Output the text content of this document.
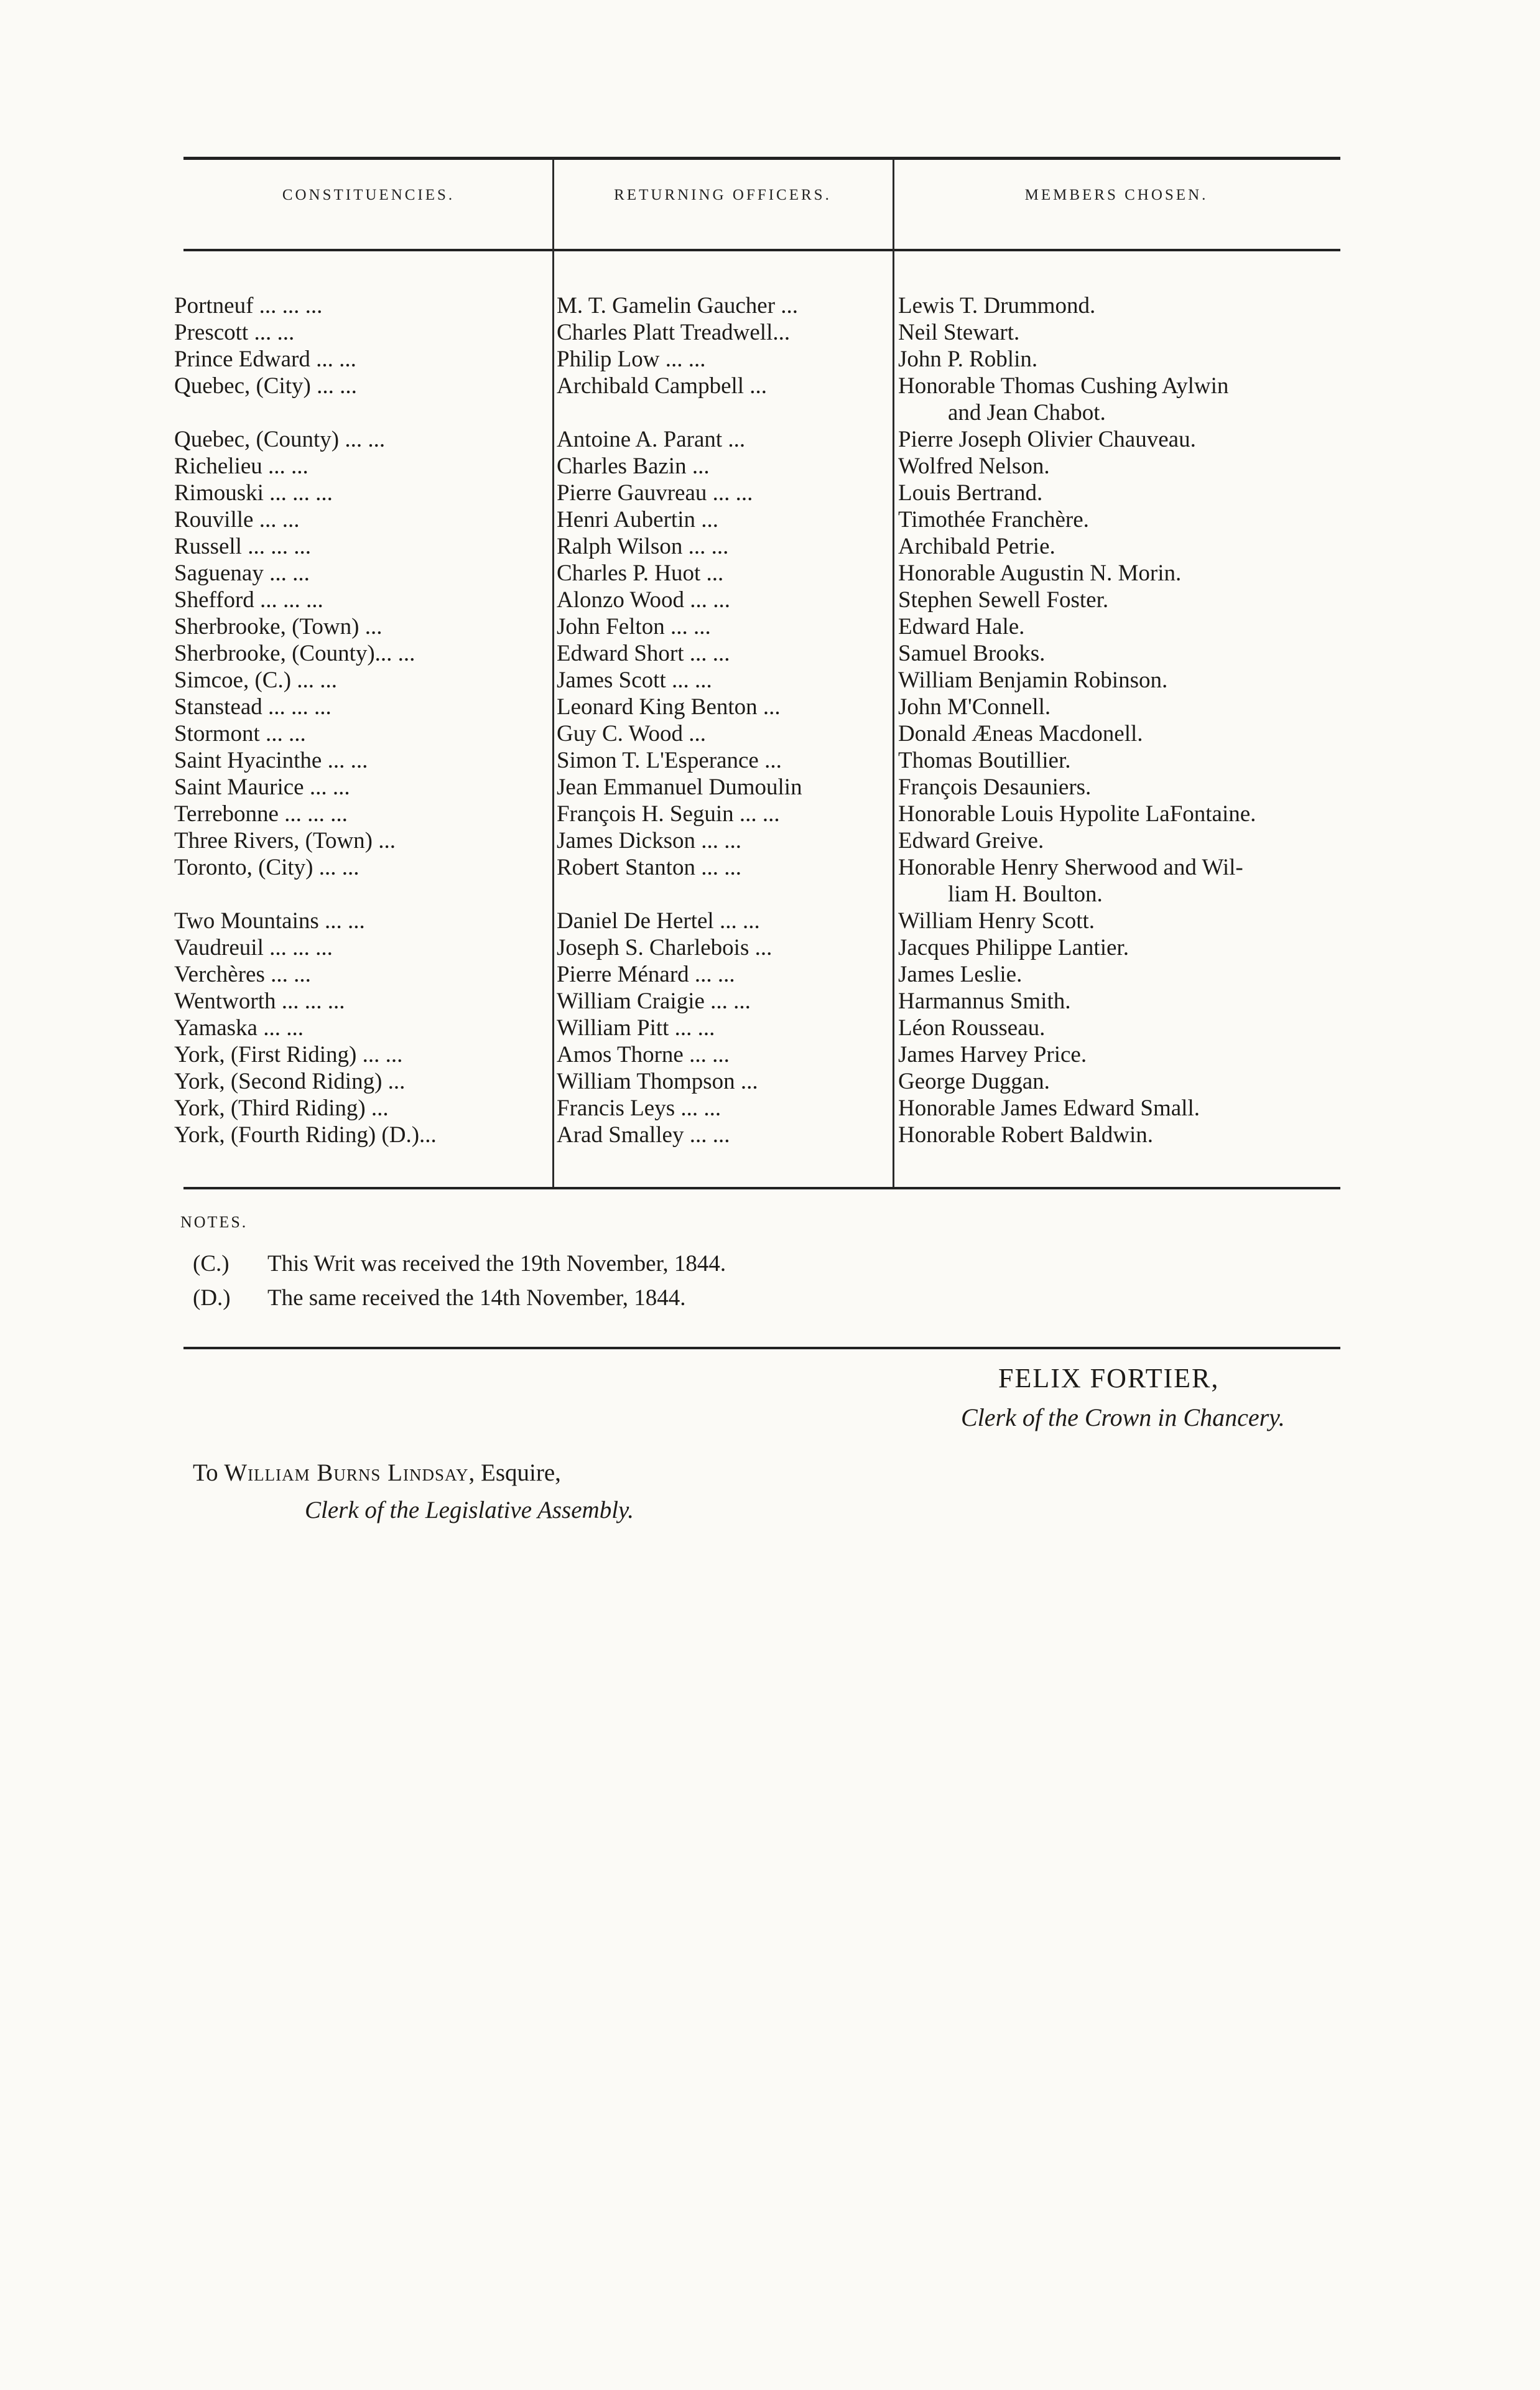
CONSTITUENCIES.	RETURNING OFFICERS.	MEMBERS CHOSEN.
Portneuf ... ... ...	M. T. Gamelin Gaucher ...	Lewis T. Drummond.
Prescott ... ...	Charles Platt Treadwell...	Neil Stewart.
Prince Edward ... ...	Philip Low ... ...	John P. Roblin.
Quebec, (City) ... ...	Archibald Campbell ...	Honorable Thomas Cushing Aylwin
and Jean Chabot.
Quebec, (County) ... ...	Antoine A. Parant ...	Pierre Joseph Olivier Chauveau.
Richelieu ... ...	Charles Bazin ...	Wolfred Nelson.
Rimouski ... ... ...	Pierre Gauvreau ... ...	Louis Bertrand.
Rouville ... ...	Henri Aubertin ...	Timothée Franchère.
Russell ... ... ...	Ralph Wilson ... ...	Archibald Petrie.
Saguenay ... ...	Charles P. Huot ...	Honorable Augustin N. Morin.
Shefford ... ... ...	Alonzo Wood ... ...	Stephen Sewell Foster.
Sherbrooke, (Town) ...	John Felton ... ...	Edward Hale.
Sherbrooke, (County)... ...	Edward Short ... ...	Samuel Brooks.
Simcoe, (C.) ... ...	James Scott ... ...	William Benjamin Robinson.
Stanstead ... ... ...	Leonard King Benton ...	John M'Connell.
Stormont ... ...	Guy C. Wood ...	Donald Æneas Macdonell.
Saint Hyacinthe ... ...	Simon T. L'Esperance ...	Thomas Boutillier.
Saint Maurice ... ...	Jean Emmanuel Dumoulin	François Desauniers.
Terrebonne ... ... ...	François H. Seguin ... ...	Honorable Louis Hypolite LaFontaine.
Three Rivers, (Town) ...	James Dickson ... ...	Edward Greive.
Toronto, (City) ... ...	Robert Stanton ... ...	Honorable Henry Sherwood and Wil-
liam H. Boulton.
Two Mountains ... ...	Daniel De Hertel ... ...	William Henry Scott.
Vaudreuil ... ... ...	Joseph S. Charlebois ...	Jacques Philippe Lantier.
Verchères ... ...	Pierre Ménard ... ...	James Leslie.
Wentworth ... ... ...	William Craigie ... ...	Harmannus Smith.
Yamaska ... ...	William Pitt ... ...	Léon Rousseau.
York, (First Riding) ... ...	Amos Thorne ... ...	James Harvey Price.
York, (Second Riding) ...	William Thompson ...	George Duggan.
York, (Third Riding) ...	Francis Leys ... ...	Honorable James Edward Small.
York, (Fourth Riding) (D.)...	Arad Smalley ... ...	Honorable Robert Baldwin.
NOTES.
(C.) This Writ was received the 19th November, 1844.
(D.) The same received the 14th November, 1844.
FELIX FORTIER,
Clerk of the Crown in Chancery.
To William Burns Lindsay, Esquire,
Clerk of the Legislative Assembly.
